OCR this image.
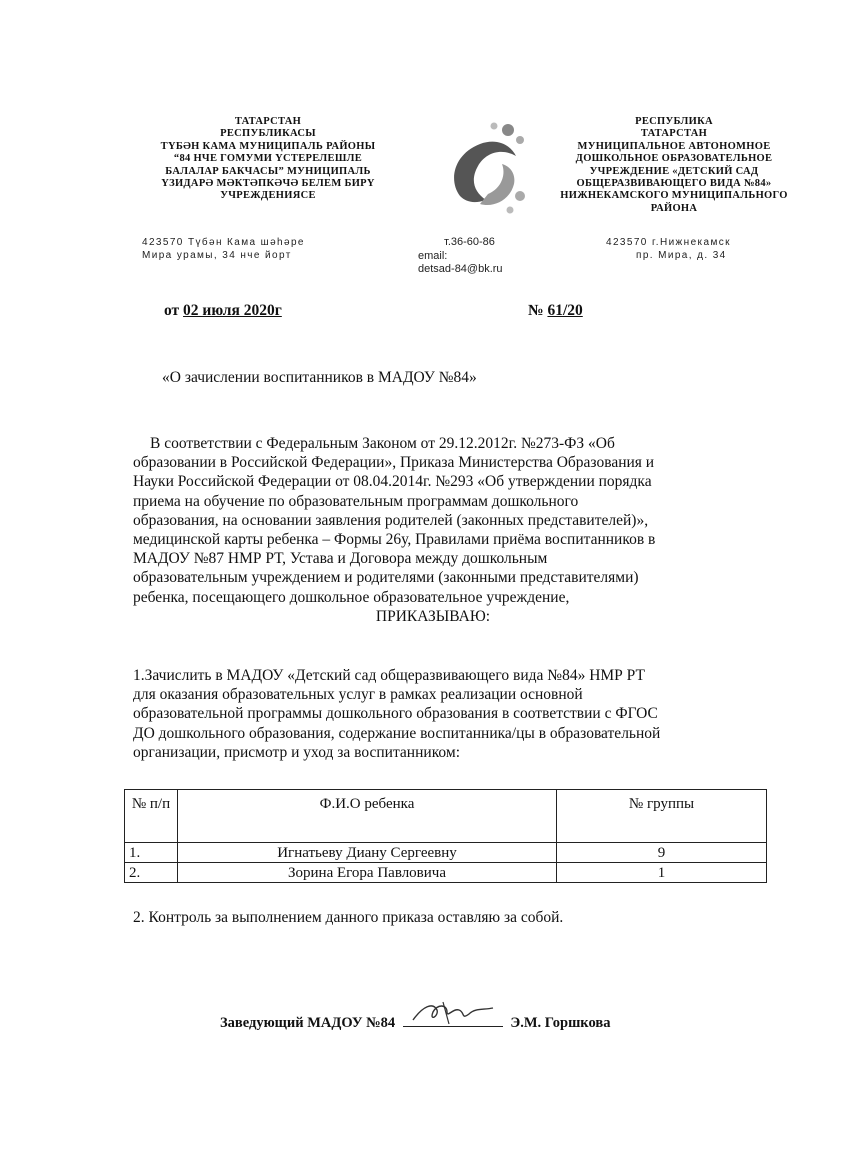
ТАТАРСТАН
РЕСПУБЛИКАСЫ
ТҮБӘН КАМА МУНИЦИПАЛЬ РАЙОНЫ
“84 НЧЕ ГОМУМИ ҮСТЕРЕЛЕШЛЕ
БАЛАЛАР БАКЧАСЫ” МУНИЦИПАЛЬ
ҮЗИДАРӘ МӘКТӘПКӘЧӘ БЕЛЕМ БИРҮ
УЧРЕЖДЕНИЯСЕ
РЕСПУБЛИКА
ТАТАРСТАН
МУНИЦИПАЛЬНОЕ АВТОНОМНОЕ
ДОШКОЛЬНОЕ ОБРАЗОВАТЕЛЬНОЕ
УЧРЕЖДЕНИЕ «ДЕТСКИЙ САД
ОБЩЕРАЗВИВАЮЩЕГО ВИДА №84»
НИЖНЕКАМСКОГО МУНИЦИПАЛЬНОГО
РАЙОНА
423570 Түбән Кама шәһәре
Мира урамы, 34 нче йорт
т.36-60-86
email:
detsad-84@bk.ru
423570 г.Нижнекамск
пр. Мира, д. 34
от 02 июля 2020г	№ 61/20
«О зачислении воспитанников в МАДОУ №84»
В соответствии с Федеральным Законом от 29.12.2012г. №273-ФЗ «Об
образовании в Российской Федерации», Приказа Министерства Образования и
Науки Российской Федерации от 08.04.2014г. №293 «Об утверждении порядка
приема на обучение по образовательным программам дошкольного
образования, на основании заявления родителей (законных представителей)»,
медицинской карты ребенка – Формы 26у, Правилами приёма воспитанников в
МАДОУ №87 НМР РТ, Устава и Договора между дошкольным
образовательным учреждением и родителями (законными представителями)
ребенка, посещающего дошкольное образовательное учреждение,
ПРИКАЗЫВАЮ:
1.Зачислить в МАДОУ «Детский сад общеразвивающего вида №84» НМР РТ
для оказания образовательных услуг в рамках реализации основной
образовательной программы дошкольного образования в соответствии с ФГОС
ДО дошкольного образования, содержание воспитанника/цы в образовательной
организации, присмотр и уход за воспитанником:
№ п/п	Ф.И.О ребенка	№ группы
1.	Игнатьеву Диану Сергеевну	9
2.	Зорина Егора Павловича	1
2. Контроль за выполнением данного приказа оставляю за собой.
Заведующий МАДОУ №84	Э.М. Горшкова
